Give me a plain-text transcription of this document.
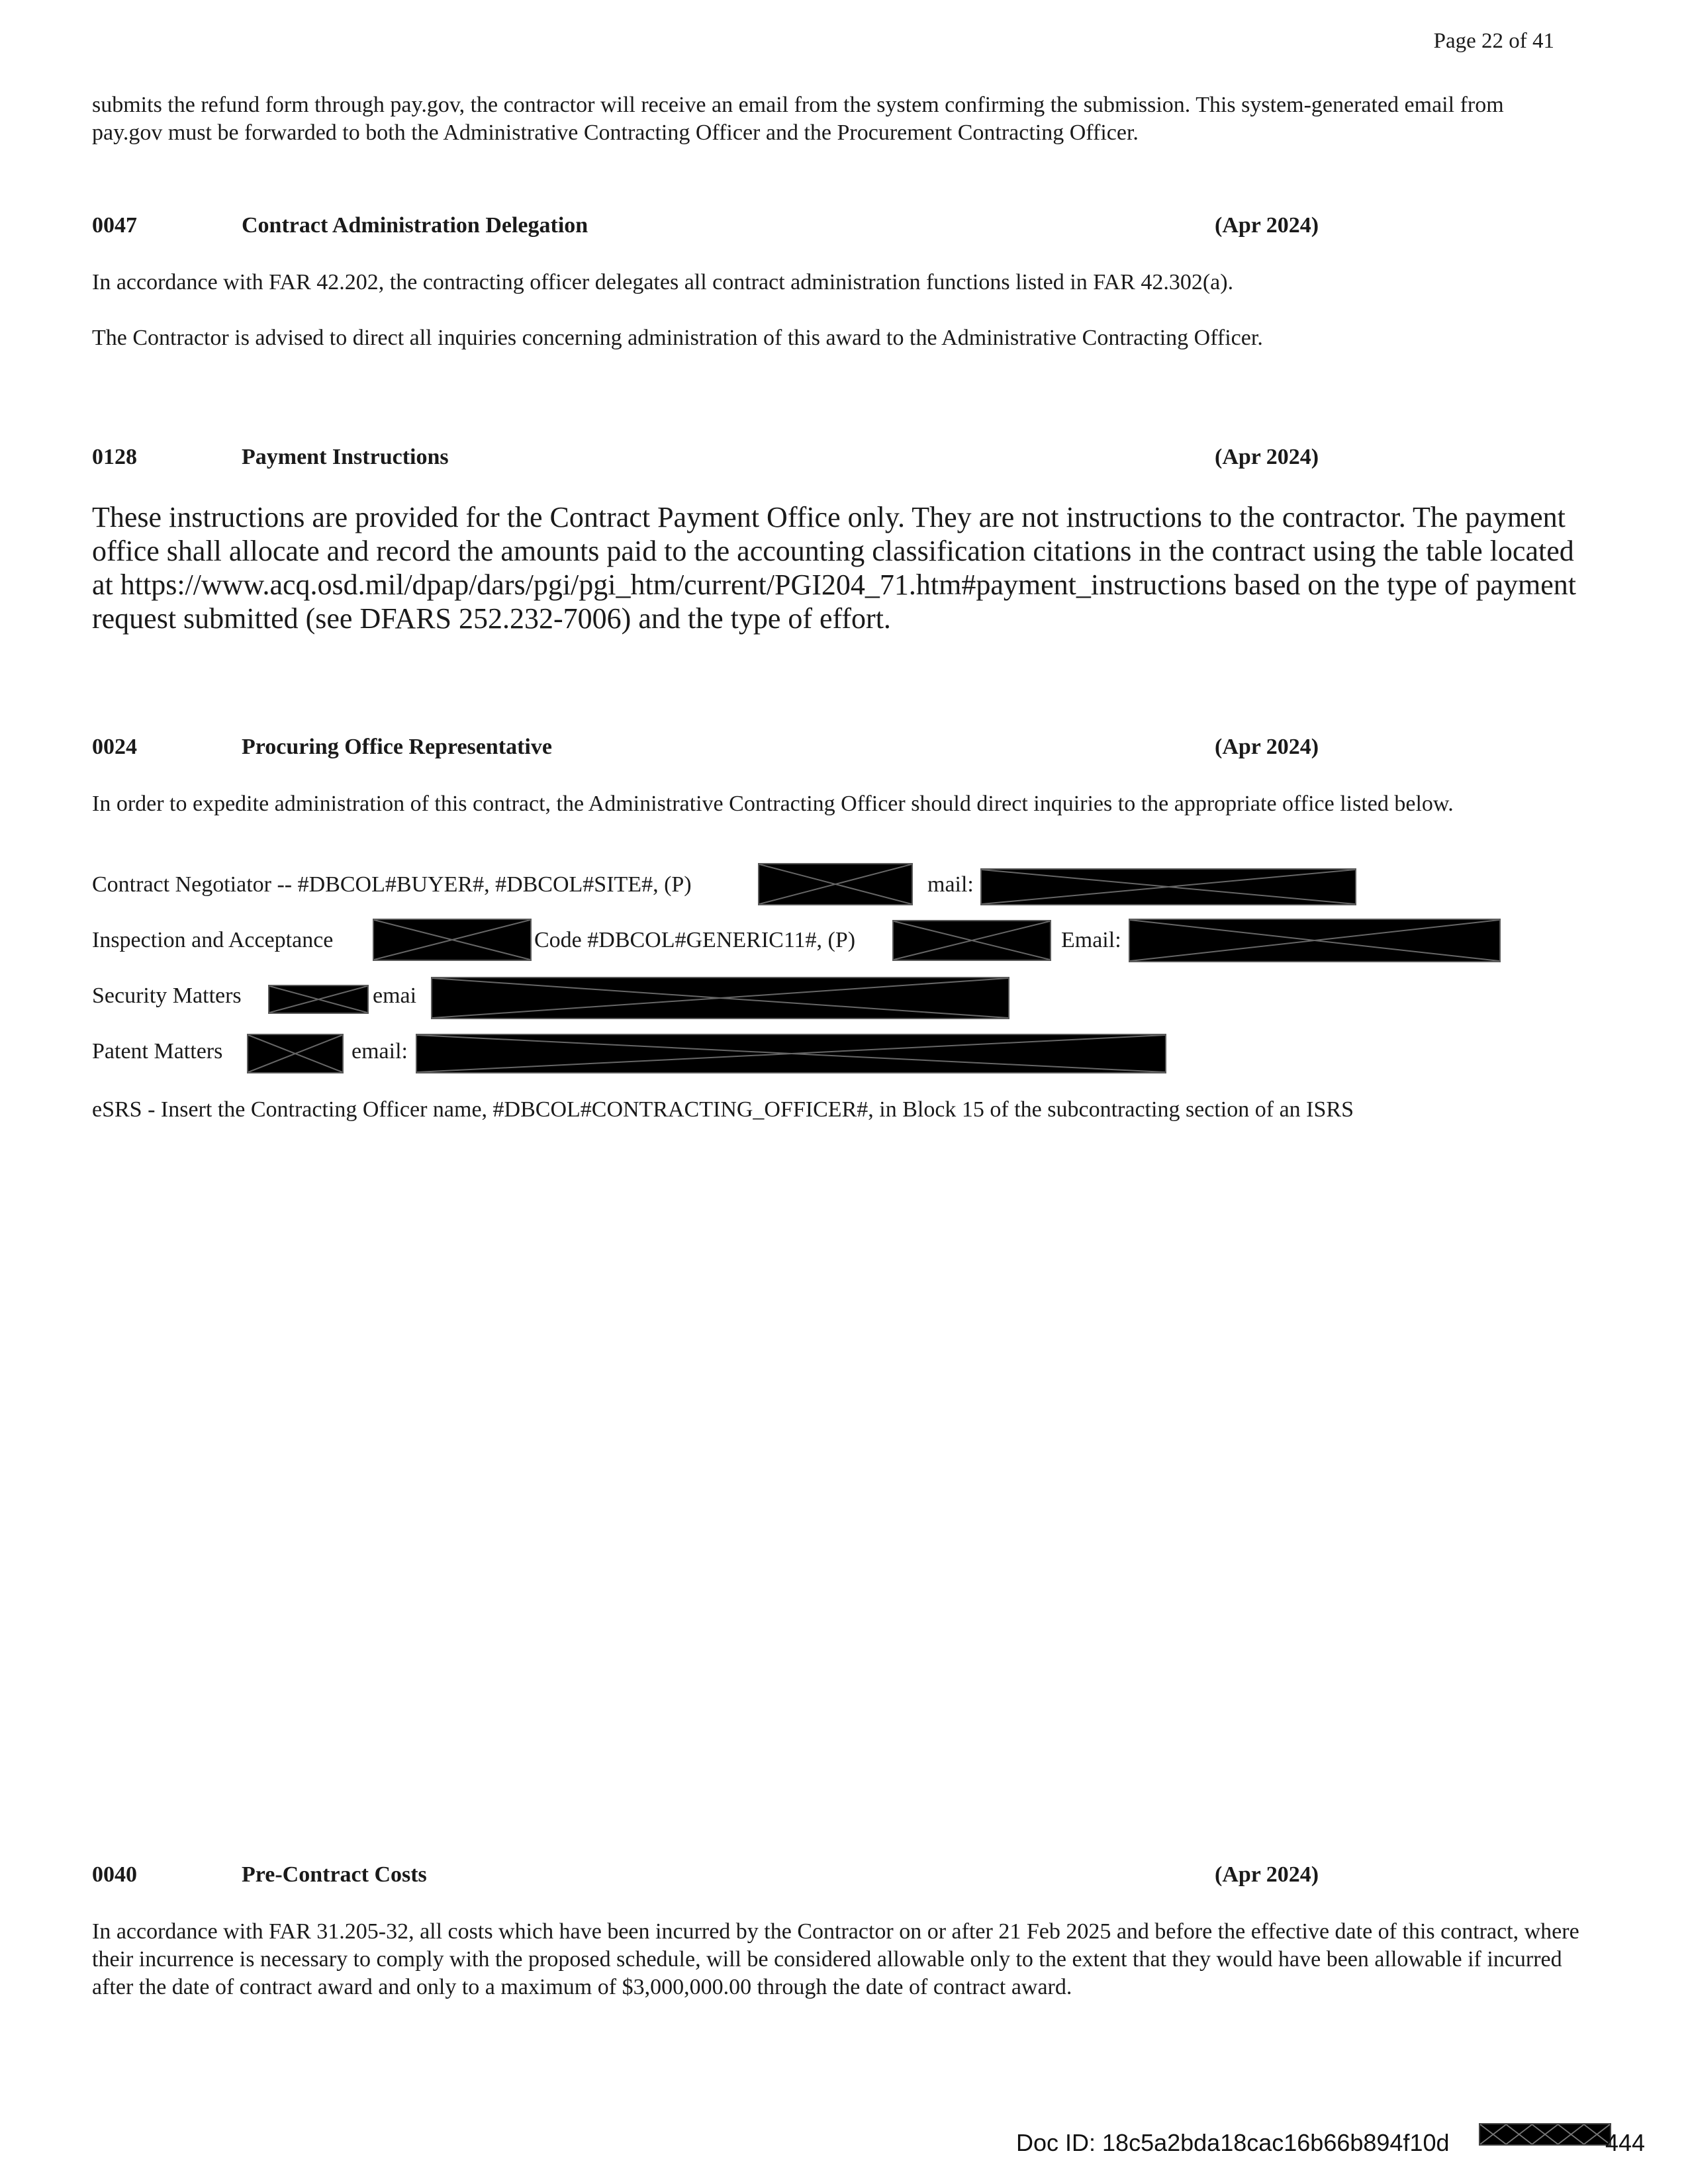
Page 22 of 41
submits the refund form through pay.gov, the contractor will receive an email from the system confirming the submission. This system-generated email from pay.gov must be forwarded to both the Administrative Contracting Officer and the Procurement Contracting Officer.
0047	Contract Administration Delegation	(Apr 2024)
In accordance with FAR 42.202, the contracting officer delegates all contract administration functions listed in FAR 42.302(a).
The Contractor is advised to direct all inquiries concerning administration of this award to the Administrative Contracting Officer.
0128	Payment Instructions	(Apr 2024)
These instructions are provided for the Contract Payment Office only. They are not instructions to the contractor. The payment office shall allocate and record the amounts paid to the accounting classification citations in the contract using the table located at https://www.acq.osd.mil/dpap/dars/pgi/pgi_htm/current/PGI204_71.htm#payment_instructions based on the type of payment request submitted (see DFARS 252.232-7006) and the type of effort.
0024	Procuring Office Representative	(Apr 2024)
In order to expedite administration of this contract, the Administrative Contracting Officer should direct inquiries to the appropriate office listed below.
Contract Negotiator -- #DBCOL#BUYER#, #DBCOL#SITE#, (P)	mail:
Inspection and Acceptance	Code #DBCOL#GENERIC11#, (P)	Email:
Security Matters	emai
Patent Matters	email:
eSRS - Insert the Contracting Officer name, #DBCOL#CONTRACTING_OFFICER#, in Block 15 of the subcontracting section of an ISRS
0040	Pre-Contract Costs	(Apr 2024)
In accordance with FAR 31.205-32, all costs which have been incurred by the Contractor on or after 21 Feb 2025 and before the effective date of this contract, where their incurrence is necessary to comply with the proposed schedule, will be considered allowable only to the extent that they would have been allowable if incurred after the date of contract award and only to a maximum of $3,000,000.00 through the date of contract award.
Doc ID: 18c5a2bda18cac16b66b894f10d	444
